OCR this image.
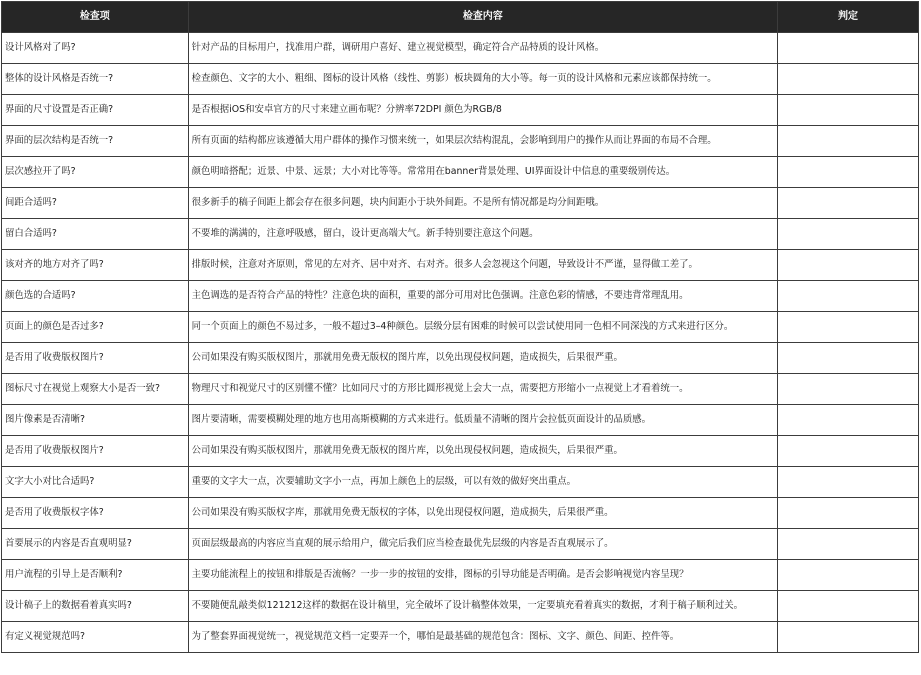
检查项	检查内容	判定
设计风格对了吗?	针对产品的目标用户，找准用户群，调研用户喜好、建立视觉模型，确定符合产品特质的设计风格。	
整体的设计风格是否统一?	检查颜色、文字的大小、粗细、图标的设计风格（线性、剪影）板块圆角的大小等。每一页的设计风格和元素应该都保持统一。	
界面的尺寸设置是否正确?	是否根据iOS和安卓官方的尺寸来建立画布呢？分辨率72DPI 颜色为RGB/8	
界面的层次结构是否统一?	所有页面的结构都应该遵循大用户群体的操作习惯来统一，如果层次结构混乱，会影响到用户的操作从而让界面的布局不合理。	
层次感拉开了吗?	颜色明暗搭配；近景、中景、远景；大小对比等等。常常用在banner背景处理、UI界面设计中信息的重要级别传达。	
间距合适吗?	很多新手的稿子间距上都会存在很多问题，块内间距小于块外间距。不是所有情况都是均分间距哦。	
留白合适吗?	不要堆的满满的，注意呼吸感，留白，设计更高端大气。新手特别要注意这个问题。	
该对齐的地方对齐了吗?	排版时候，注意对齐原则，常见的左对齐、居中对齐、右对齐。很多人会忽视这个问题，导致设计不严谨，显得做工差了。	
颜色选的合适吗?	主色调选的是否符合产品的特性？注意色块的面积，重要的部分可用对比色强调。注意色彩的情感，不要违背常理乱用。	
页面上的颜色是否过多?	同一个页面上的颜色不易过多，一般不超过3–4种颜色。层级分层有困难的时候可以尝试使用同一色相不同深浅的方式来进行区分。	
是否用了收费版权图片?	公司如果没有购买版权图片，那就用免费无版权的图片库，以免出现侵权问题，造成损失，后果很严重。	
图标尺寸在视觉上观察大小是否一致?	物理尺寸和视觉尺寸的区别懂不懂？比如同尺寸的方形比圆形视觉上会大一点，需要把方形缩小一点视觉上才看着统一。	
图片像素是否清晰?	图片要清晰，需要模糊处理的地方也用高斯模糊的方式来进行。低质量不清晰的图片会拉低页面设计的品质感。	
是否用了收费版权图片?	公司如果没有购买版权图片，那就用免费无版权的图片库，以免出现侵权问题，造成损失，后果很严重。	
文字大小对比合适吗?	重要的文字大一点，次要辅助文字小一点，再加上颜色上的层级，可以有效的做好突出重点。	
是否用了收费版权字体?	公司如果没有购买版权字库，那就用免费无版权的字体，以免出现侵权问题，造成损失，后果很严重。	
首要展示的内容是否直观明显?	页面层级最高的内容应当直观的展示给用户，做完后我们应当检查最优先层级的内容是否直观展示了。	
用户流程的引导上是否顺利?	主要功能流程上的按钮和排版是否流畅？一步一步的按钮的安排，图标的引导功能是否明确。是否会影响视觉内容呈现？	
设计稿子上的数据看着真实吗?	不要随便乱敲类似121212这样的数据在设计稿里，完全破坏了设计稿整体效果，一定要填充看着真实的数据，才利于稿子顺利过关。	
有定义视觉规范吗?	为了整套界面视觉统一，视觉规范文档一定要弄一个，哪怕是最基础的规范包含：图标、文字、颜色、间距、控件等。	
